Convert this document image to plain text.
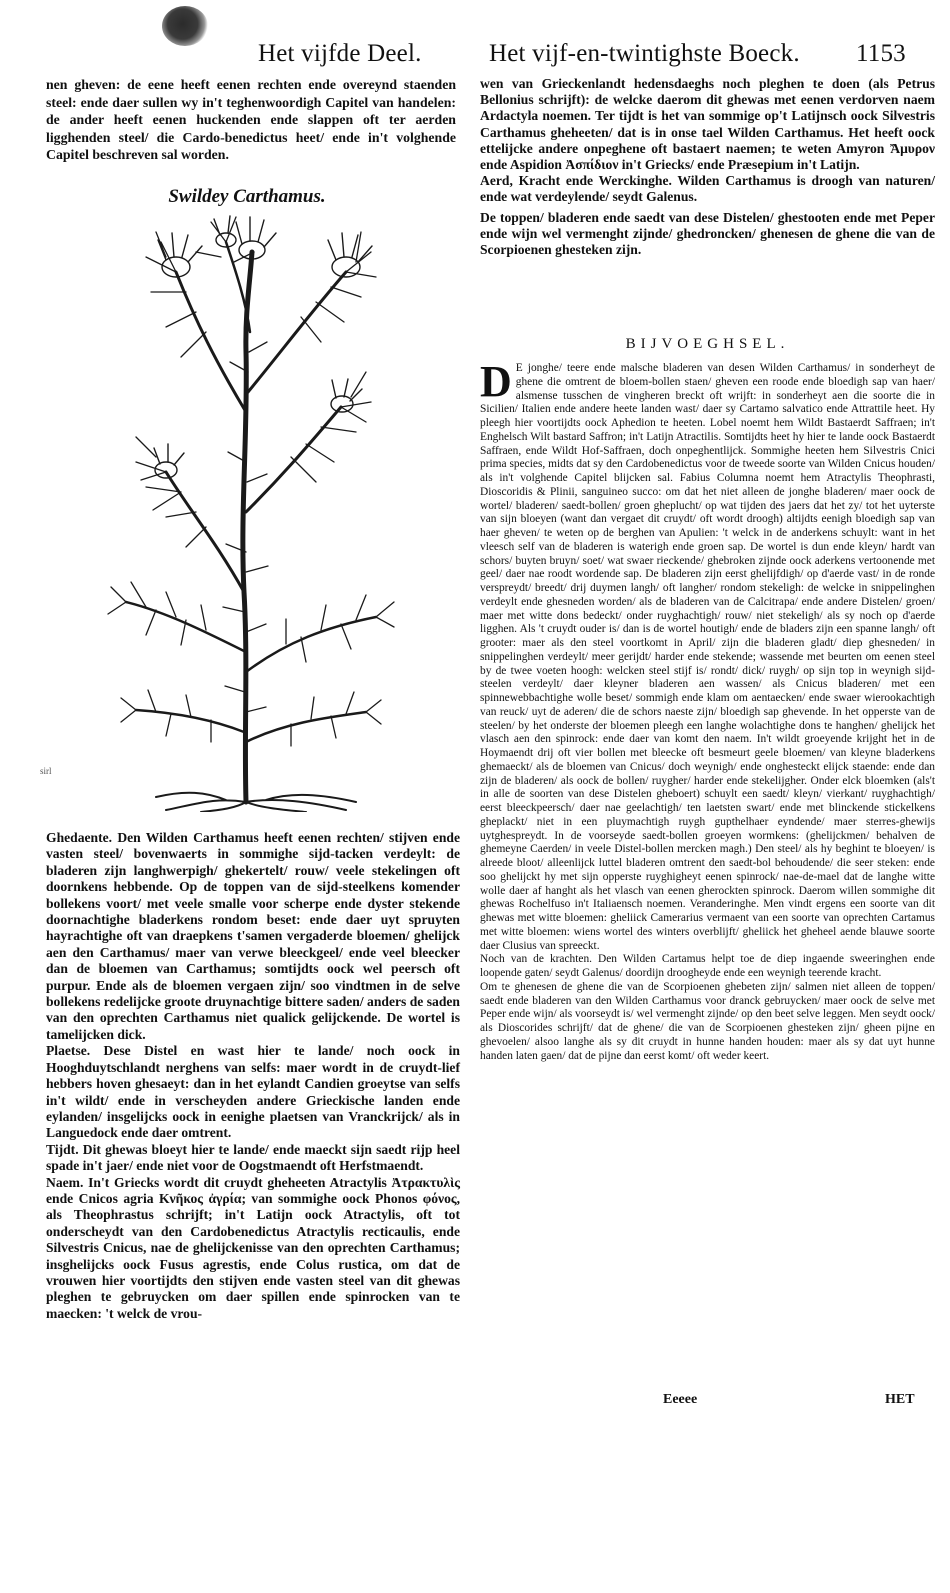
Het vijfde Deel.	Het vijf-en-twintighste Boeck. 1153

nen gheven: de eene heeft eenen rechten ende overeynd staenden steel: ende daer sullen wy in't teghenwoordigh Capitel van handelen: de ander heeft eenen huckenden ende slappen oft ter aerden ligghenden steel/ die Cardo-benedictus heet/ ende in't volghende Capitel beschreven sal worden.

Swildey Carthamus.
sirl

Ghedaente. Den Wilden Carthamus heeft eenen rechten/ stijven ende vasten steel/ bovenwaerts in sommighe sijd-tacken verdeylt: de bladeren zijn langhwerpigh/ ghekertelt/ rouw/ veele stekelingen oft doornkens hebbende. Op de toppen van de sijd-steelkens komender bollekens voort/ met veele smalle voor scherpe ende dyster stekende doornachtighe bladerkens rondom beset: ende daer uyt spruyten hayrachtighe oft van draepkens t'samen vergaderde bloemen/ ghelijck aen den Carthamus/ maer van verwe bleeckgeel/ ende veel bleecker dan de bloemen van Carthamus; somtijdts oock wel peersch oft purpur. Ende als de bloemen vergaen zijn/ soo vindtmen in de selve bollekens redelijcke groote druynachtige bittere saden/ anders de saden van den oprechten Carthamus niet qualick gelijckende. De wortel is tamelijcken dick.

Plaetse. Dese Distel en wast hier te lande/ noch oock in Hooghduytschlandt nerghens van selfs: maer wordt in de cruydt-lief hebbers hoven ghesaeyt: dan in het eylandt Candien groeytse van selfs in't wildt/ ende in verscheyden andere Grieckische landen ende eylanden/ insgelijcks oock in eenighe plaetsen van Vranckrijck/ als in Languedock ende daer omtrent.

Tijdt. Dit ghewas bloeyt hier te lande/ ende maeckt sijn saedt rijp heel spade in't jaer/ ende niet voor de Oogstmaendt oft Herfstmaendt.

Naem. In't Griecks wordt dit cruydt gheheeten Atractylis Ἀτρακτυλὶς ende Cnicos agria Κνῆκος ἀγρία; van sommighe oock Phonos φόνος, als Theophrastus schrijft; in't Latijn oock Atractylis, oft tot onderscheydt van den Cardobenedictus Atractylis recticaulis, ende Silvestris Cnicus, nae de ghelijckenisse van den oprechten Carthamus; insghelijcks oock Fusus agrestis, ende Colus rustica, om dat de vrouwen hier voortijdts den stijven ende vasten steel van dit ghewas pleghen te gebruycken om daer spillen ende spinrocken van te maecken: 't welck de vrou-

wen van Grieckenlandt hedensdaeghs noch pleghen te doen (als Petrus Bellonius schrijft): de welcke daerom dit ghewas met eenen verdorven naem Ardactyla noemen. Ter tijdt is het van sommige op't Latijnsch oock Silvestris Carthamus gheheeten/ dat is in onse tael Wilden Carthamus. Het heeft oock ettelijcke andere onpeghene oft bastaert naemen; te weten Amyron Ἄμυρον ende Aspidion Ἀσπίδιον in't Griecks/ ende Præsepium in't Latijn.

Aerd, Kracht ende Werckinghe. Wilden Carthamus is droogh van naturen/ ende wat verdeylende/ seydt Galenus.

De toppen/ bladeren ende saedt van dese Distelen/ ghestooten ende met Peper ende wijn wel vermenght zijnde/ ghedroncken/ ghenesen de ghene die van de Scorpioenen ghesteken zijn.

BIJVOEGHSEL.

D E jonghe/ teere ende malsche bladeren van desen Wilden Carthamus/ in sonderheyt de ghene die omtrent de bloem-bollen staen/ gheven een roode ende bloedigh sap van haer/ alsmense tusschen de vingheren breckt oft wrijft: in sonderheyt aen die soorte die in Sicilien/ Italien ende andere heete landen wast/ daer sy Cartamo salvatico ende Attrattile heet. Hy pleegh hier voortijdts oock Aphedion te heeten. Lobel noemt hem Wildt Bastaerdt Saffraen; in't Enghelsch Wilt bastard Saffron; in't Latijn Atractilis. Somtijdts heet hy hier te lande oock Bastaerdt Saffraen, ende Wildt Hof-Saffraen, doch onpeghentlijck. Sommighe heeten hem Silvestris Cnici prima species, midts dat sy den Cardobenedictus voor de tweede soorte van Wilden Cnicus houden/ als in't volghende Capitel blijcken sal. Fabius Columna noemt hem Atractylis Theophrasti, Dioscoridis & Plinii, sanguineo succo: om dat het niet alleen de jonghe bladeren/ maer oock de wortel/ bladeren/ saedt-bollen/ groen gheplucht/ op wat tijden des jaers dat het zy/ tot het uyterste van sijn bloeyen (want dan vergaet dit cruydt/ oft wordt droogh) altijdts eenigh bloedigh sap van haer gheven/ te weten op de berghen van Apulien: 't welck in de anderkens schuylt: want in het vleesch self van de bladeren is waterigh ende groen sap. De wortel is dun ende kleyn/ hardt van schors/ buyten bruyn/ soet/ wat swaer rieckende/ ghebroken zijnde oock aderkens vertoonende met geel/ daer nae roodt wordende sap. De bladeren zijn eerst ghelijfdigh/ op d'aerde vast/ in de ronde verspreydt/ breedt/ drij duymen langh/ oft langher/ rondom stekeligh: de welcke in snippelinghen verdeylt ende ghesneden worden/ als de bladeren van de Calcitrapa/ ende andere Distelen/ groen/ maer met witte dons bedeckt/ onder ruyghachtigh/ rouw/ niet stekeligh/ als sy noch op d'aerde ligghen. Als 't cruydt ouder is/ dan is de wortel houtigh/ ende de bladers zijn een spanne langh/ oft grooter: maer als den steel voortkomt in April/ zijn die bladeren gladt/ diep ghesneden/ in snippelinghen verdeylt/ meer gerijdt/ harder ende stekende; wassende met beurten om eenen steel by de twee voeten hoogh: welcken steel stijf is/ rondt/ dick/ ruygh/ op sijn top in weynigh sijd-steelen verdeylt/ daer kleyner bladeren aen wassen/ als Cnicus bladeren/ met een spinnewebbachtighe wolle beset/ sommigh ende klam om aentaecken/ ende swaer wierookachtigh van reuck/ uyt de aderen/ die de schors naeste zijn/ bloedigh sap ghevende. In het opperste van de steelen/ by het onderste der bloemen pleegh een langhe wolachtighe dons te hanghen/ ghelijck het vlasch aen den spinrock: ende daer van komt den naem. In't wildt groeyende krijght het in de Hoymaendt drij oft vier bollen met bleecke oft besmeurt geele bloemen/ van kleyne bladerkens ghemaeckt/ als de bloemen van Cnicus/ doch weynigh/ ende onghesteckt elijck staende: ende dan zijn de bladeren/ als oock de bollen/ ruygher/ harder ende stekelijgher. Onder elck bloemken (als't in alle de soorten van dese Distelen gheboert) schuylt een saedt/ kleyn/ vierkant/ ruyghachtigh/ eerst bleeckpeersch/ daer nae geelachtigh/ ten laetsten swart/ ende met blinckende stickelkens gheplackt/ niet in een pluymachtigh ruygh gupthelhaer eyndende/ maer sterres-ghewijs uytghespreydt. In de voorseyde saedt-bollen groeyen wormkens: (ghelijckmen/ behalven de ghemeyne Caerden/ in veele Distel-bollen mercken magh.) Den steel/ als hy beghint te bloeyen/ is alreede bloot/ alleenlijck luttel bladeren omtrent den saedt-bol behoudende/ die seer steken: ende soo ghelijckt hy met sijn opperste ruyghigheyt eenen spinrock/ nae-de-mael dat de langhe witte wolle daer af hanght als het vlasch van eenen gherockten spinrock. Daerom willen sommighe dit ghewas Rochelfuso in't Italiaensch noemen. Veranderinghe. Men vindt ergens een soorte van dit ghewas met witte bloemen: gheliick Camerarius vermaent van een soorte van oprechten Cartamus met witte bloemen: wiens wortel des winters overblijft/ gheliick het gheheel aende blauwe soorte daer Clusius van spreeckt.

Noch van de krachten. Den Wilden Cartamus helpt toe de diep ingaende sweeringhen ende loopende gaten/ seydt Galenus/ doordijn droogheyde ende een weynigh teerende kracht.

Om te ghenesen de ghene die van de Scorpioenen ghebeten zijn/ salmen niet alleen de toppen/ saedt ende bladeren van den Wilden Carthamus voor dranck gebruycken/ maer oock de selve met Peper ende wijn/ als voorseydt is/ wel vermenght zijnde/ op den beet selve leggen. Men seydt oock/ als Dioscorides schrijft/ dat de ghene/ die van de Scorpioenen ghesteken zijn/ gheen pijne en ghevoelen/ alsoo langhe als sy dit cruydt in hunne handen houden: maer als sy dat uyt hunne handen laten gaen/ dat de pijne dan eerst komt/ oft weder keert.

Eeeee	HET
